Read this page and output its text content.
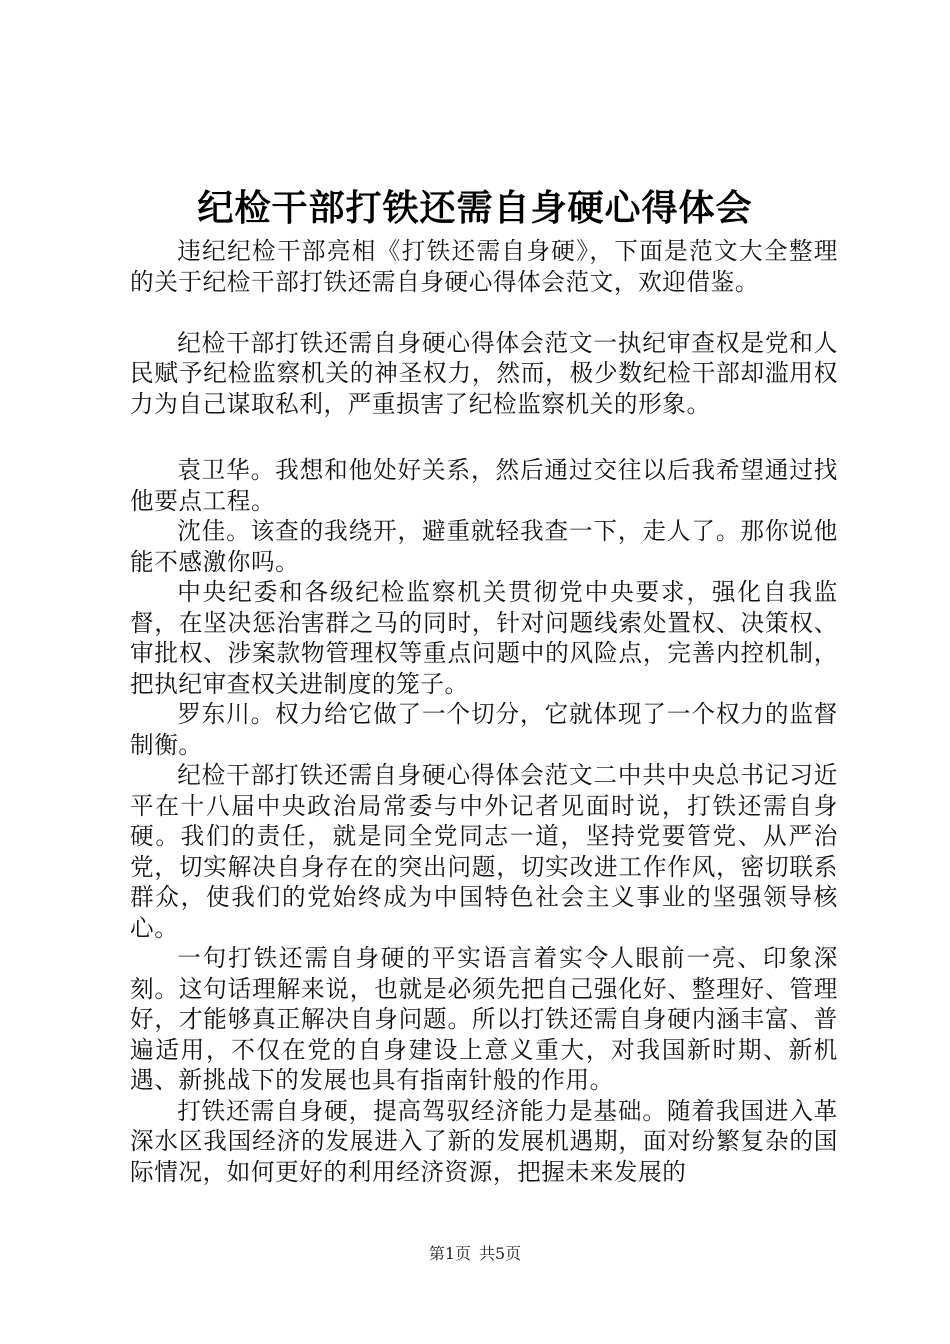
纪检干部打铁还需自身硬心得体会

违纪纪检干部亮相《打铁还需自身硬》，下面是范文大全整理的关于纪检干部打铁还需自身硬心得体会范文，欢迎借鉴。

纪检干部打铁还需自身硬心得体会范文一执纪审查权是党和人民赋予纪检监察机关的神圣权力，然而，极少数纪检干部却滥用权力为自己谋取私利，严重损害了纪检监察机关的形象。

袁卫华。我想和他处好关系，然后通过交往以后我希望通过找他要点工程。

沈佳。该查的我绕开，避重就轻我查一下，走人了。那你说他能不感激你吗。

中央纪委和各级纪检监察机关贯彻党中央要求，强化自我监督，在坚决惩治害群之马的同时，针对问题线索处置权、决策权、审批权、涉案款物管理权等重点问题中的风险点，完善内控机制，把执纪审查权关进制度的笼子。

罗东川。权力给它做了一个切分，它就体现了一个权力的监督制衡。

纪检干部打铁还需自身硬心得体会范文二中共中央总书记习近平在十八届中央政治局常委与中外记者见面时说，打铁还需自身硬。我们的责任，就是同全党同志一道，坚持党要管党、从严治党，切实解决自身存在的突出问题，切实改进工作作风，密切联系群众，使我们的党始终成为中国特色社会主义事业的坚强领导核心。

一句打铁还需自身硬的平实语言着实令人眼前一亮、印象深刻。这句话理解来说，也就是必须先把自己强化好、整理好、管理好，才能够真正解决自身问题。所以打铁还需自身硬内涵丰富、普遍适用，不仅在党的自身建设上意义重大，对我国新时期、新机遇、新挑战下的发展也具有指南针般的作用。

打铁还需自身硬，提高驾驭经济能力是基础。随着我国进入革深水区我国经济的发展进入了新的发展机遇期，面对纷繁复杂的国际情况，如何更好的利用经济资源，把握未来发展的

第1页 共5页
